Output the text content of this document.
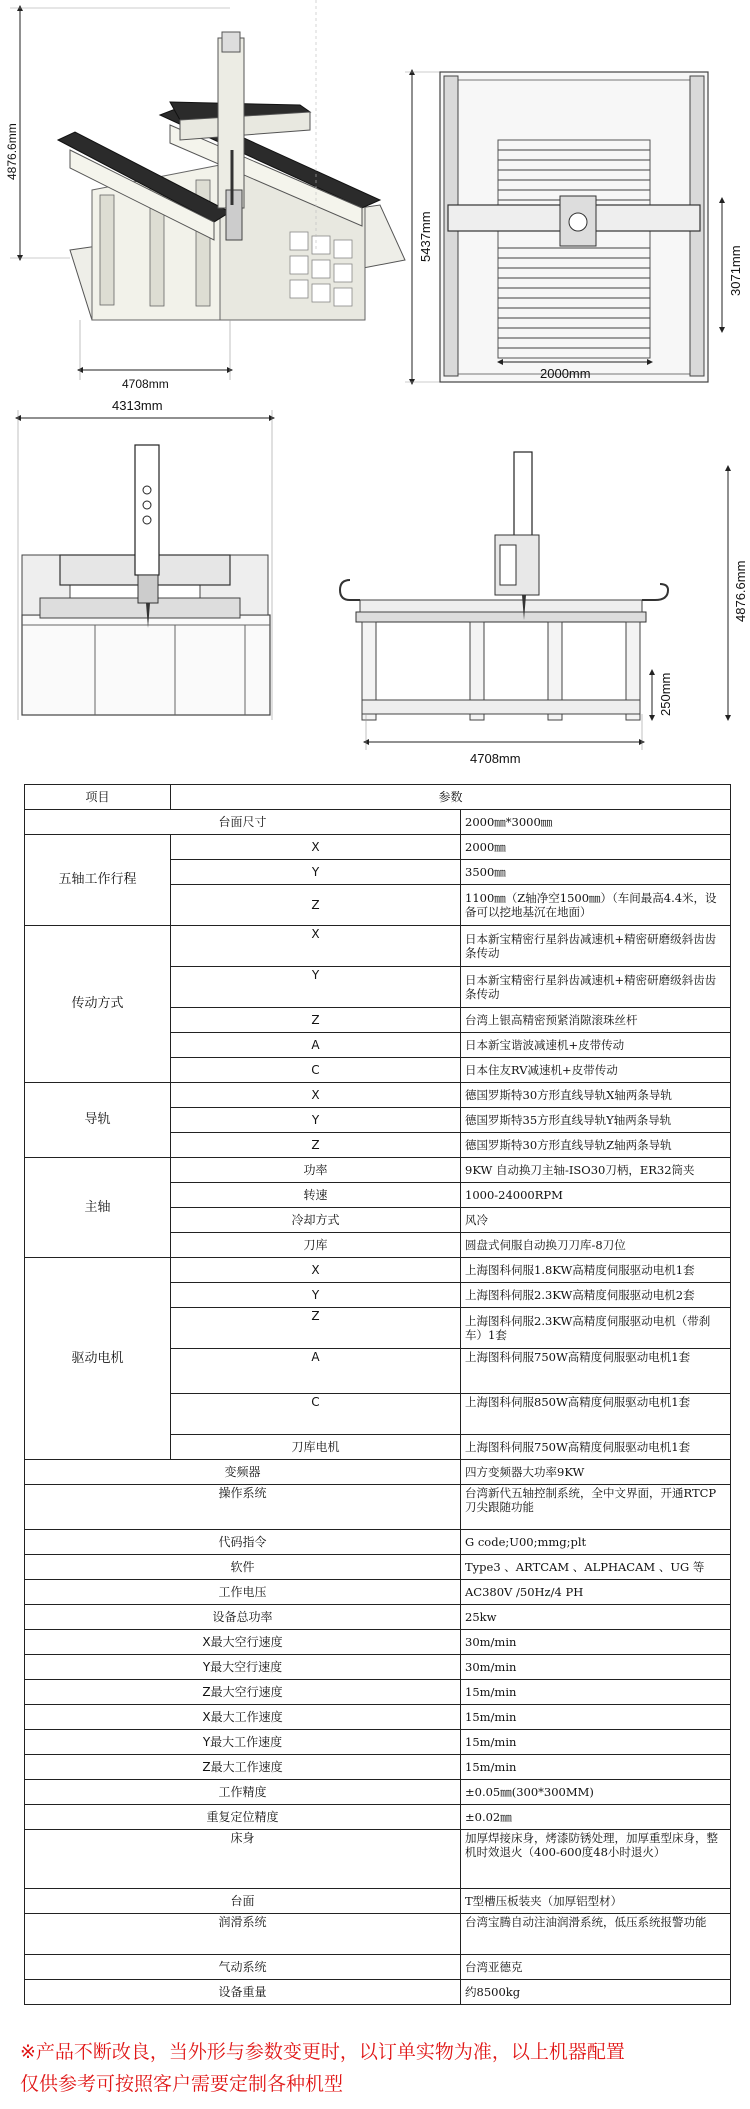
4876.6mm
4708mm
5437mm
3071mm
2000mm
4313mm
4876.6mm
250mm
4708mm
项目	参数	
台面尺寸		2000㎜*3000㎜
五轴工作行程	X	2000㎜
	Y	3500㎜
	Z	1100㎜（Z轴净空1500㎜）（车间最高4.4米，设备可以挖地基沉在地面）
传动方式	X	日本新宝精密行星斜齿减速机+精密研磨级斜齿齿条传动
	Y	日本新宝精密行星斜齿减速机+精密研磨级斜齿齿条传动
	Z	台湾上银高精密预紧消隙滚珠丝杆
	A	日本新宝谐波减速机+皮带传动
	C	日本住友RV减速机+皮带传动
导轨	X	德国罗斯特30方形直线导轨X轴两条导轨
	Y	德国罗斯特35方形直线导轨Y轴两条导轨
	Z	德国罗斯特30方形直线导轨Z轴两条导轨
主轴	功率	9KW 自动换刀主轴-ISO30刀柄，ER32筒夹
	转速	1000-24000RPM
	冷却方式	风冷
	刀库	圆盘式伺服自动换刀刀库-8刀位
驱动电机	X	上海图科伺服1.8KW高精度伺服驱动电机1套
	Y	上海图科伺服2.3KW高精度伺服驱动电机2套
	Z	上海图科伺服2.3KW高精度伺服驱动电机（带刹车）1套
	A	上海图科伺服750W高精度伺服驱动电机1套
	C	上海图科伺服850W高精度伺服驱动电机1套
	刀库电机	上海图科伺服750W高精度伺服驱动电机1套
变频器		四方变频器大功率9KW
操作系统		台湾新代五轴控制系统，全中文界面，开通RTCP刀尖跟随功能
代码指令		G code;U00;mmg;plt
软件		Type3 、ARTCAM 、ALPHACAM 、UG 等
工作电压		AC380V /50Hz/4 PH
设备总功率		25kw
X最大空行速度		30m/min
Y最大空行速度		30m/min
Z最大空行速度		15m/min
X最大工作速度		15m/min
Y最大工作速度		15m/min
Z最大工作速度		15m/min
工作精度		±0.05㎜(300*300MM)
重复定位精度		±0.02㎜
床身		加厚焊接床身，烤漆防锈处理，加厚重型床身，整机时效退火（400-600度48小时退火）
台面		T型槽压板装夹（加厚铝型材）
润滑系统		台湾宝腾自动注油润滑系统，低压系统报警功能
气动系统		台湾亚德克
设备重量		约8500kg
※产品不断改良，当外形与参数变更时，以订单实物为准，以上机器配置
仅供参考可按照客户需要定制各种机型
